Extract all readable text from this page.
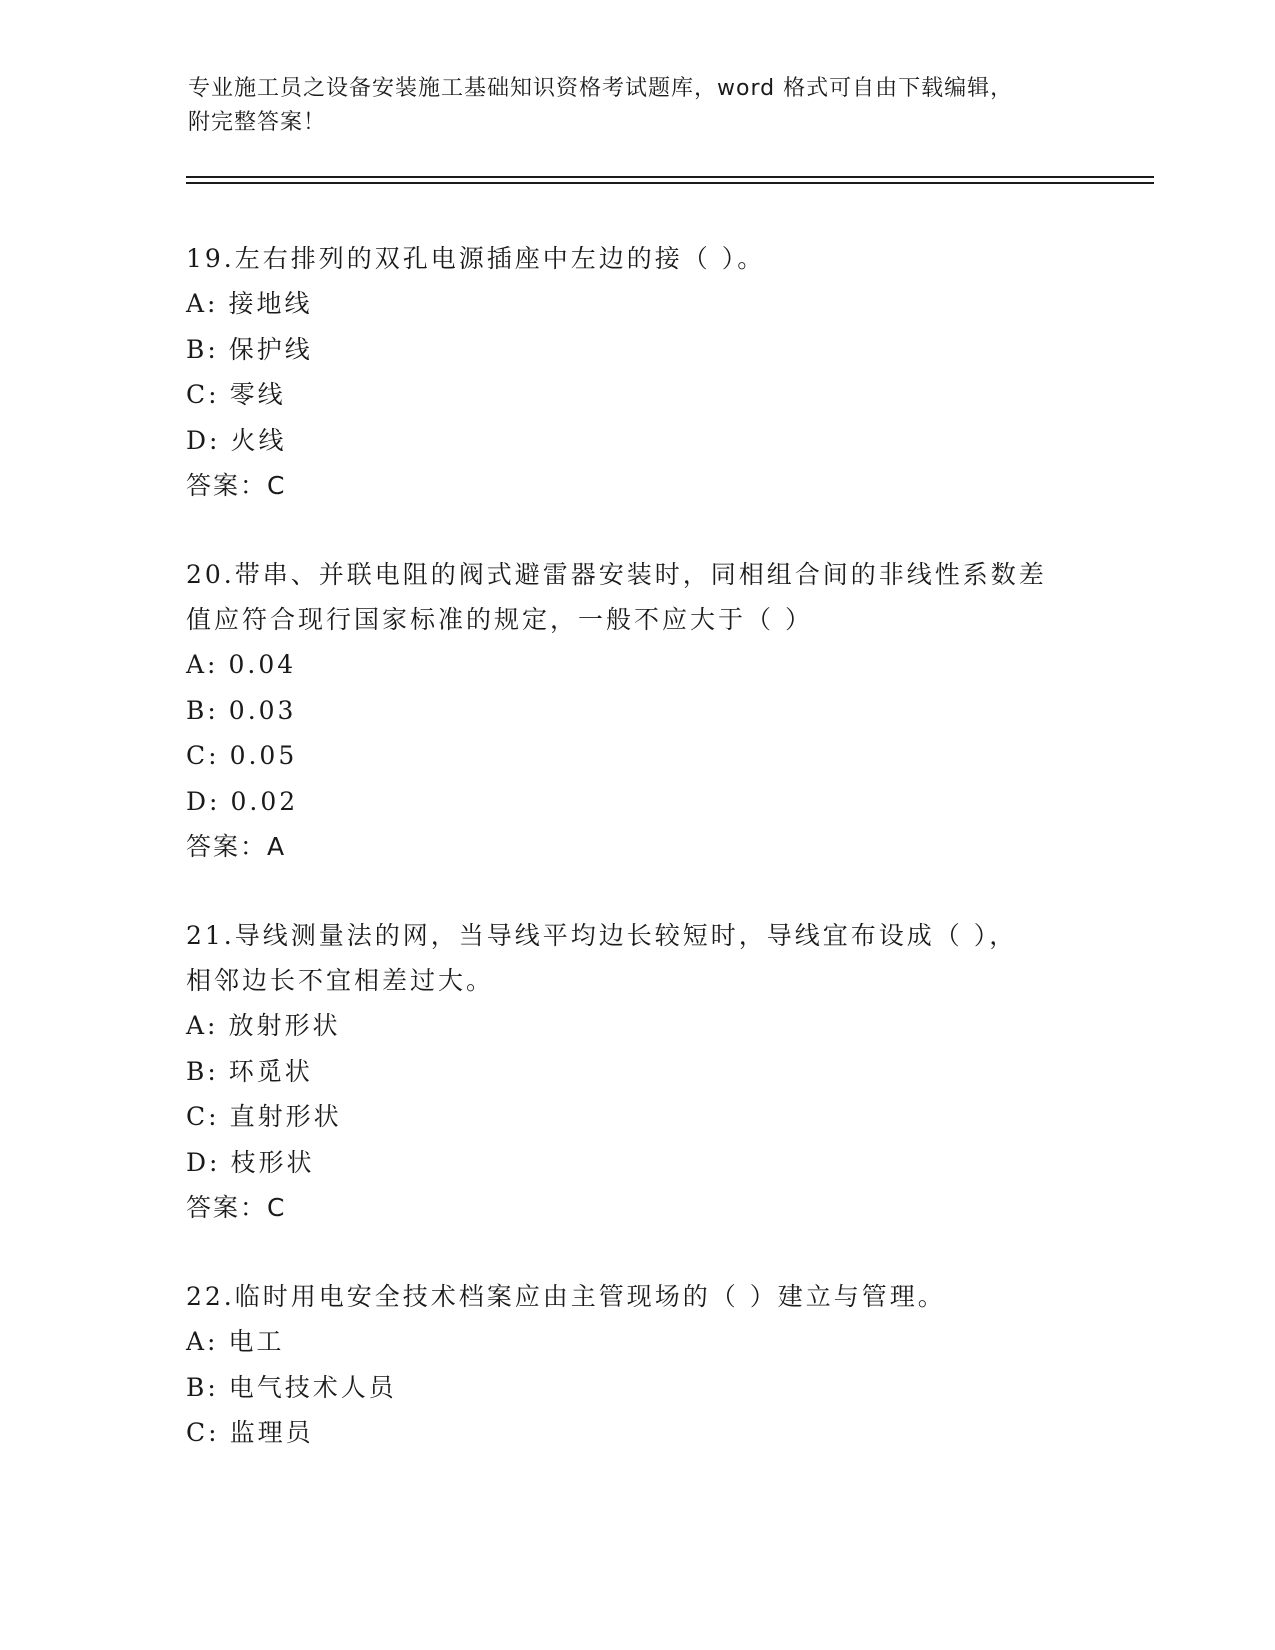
专业施工员之设备安装施工基础知识资格考试题库，word 格式可自由下载编辑，
附完整答案！

19.左右排列的双孔电源插座中左边的接（ ）。

A: 接地线

B: 保护线

C: 零线

D: 火线

答案：C

20.带串、并联电阻的阀式避雷器安装时，同相组合间的非线性系数差

值应符合现行国家标准的规定，一般不应大于（ ）

A: 0.04

B: 0.03

C: 0.05

D: 0.02

答案：A

21.导线测量法的网，当导线平均边长较短时，导线宜布设成（ ），

相邻边长不宜相差过大。

A: 放射形状

B: 环觅状

C: 直射形状

D: 枝形状

答案：C

22.临时用电安全技术档案应由主管现场的（ ）建立与管理。

A: 电工

B: 电气技术人员

C: 监理员
